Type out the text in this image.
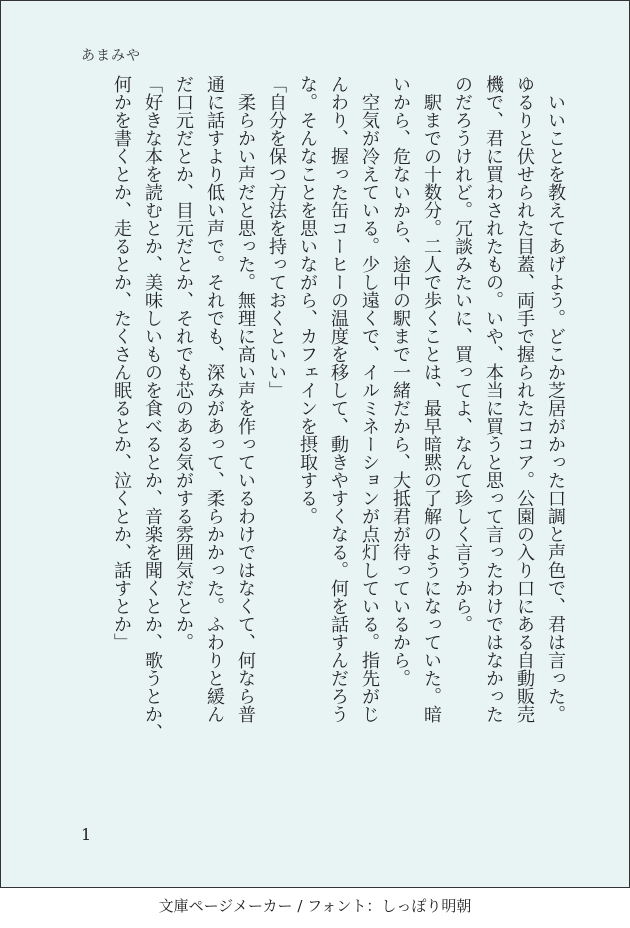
あまみや

　いいことを教えてあげよう。どこか芝居がかった口調と声色で、君は言った。

ゆるりと伏せられた目蓋、両手で握られたココア。公園の入り口にある自動販売

機で、君に買わされたもの。いや、本当に買うと思って言ったわけではなかった

のだろうけれど。冗談みたいに、買ってよ、なんて珍しく言うから。

　駅までの十数分。二人で歩くことは、最早暗黙の了解のようになっていた。暗

いから、危ないから、途中の駅まで一緒だから、大抵君が待っているから。

　空気が冷えている。少し遠くで、イルミネーションが点灯している。指先がじ

んわり、握った缶コーヒーの温度を移して、動きやすくなる。何を話すんだろう

な。そんなことを思いながら、カフェインを摂取する。

「自分を保つ方法を持っておくといい」

　柔らかい声だと思った。無理に高い声を作っているわけではなくて、何なら普

通に話すより低い声で。それでも、深みがあって、柔らかかった。ふわりと緩ん

だ口元だとか、目元だとか、それでも芯のある気がする雰囲気だとか。

「好きな本を読むとか、美味しいものを食べるとか、音楽を聞くとか、歌うとか、

何かを書くとか、走るとか、たくさん眠るとか、泣くとか、話すとか」

1
文庫ページメーカー / フォント：しっぽり明朝
